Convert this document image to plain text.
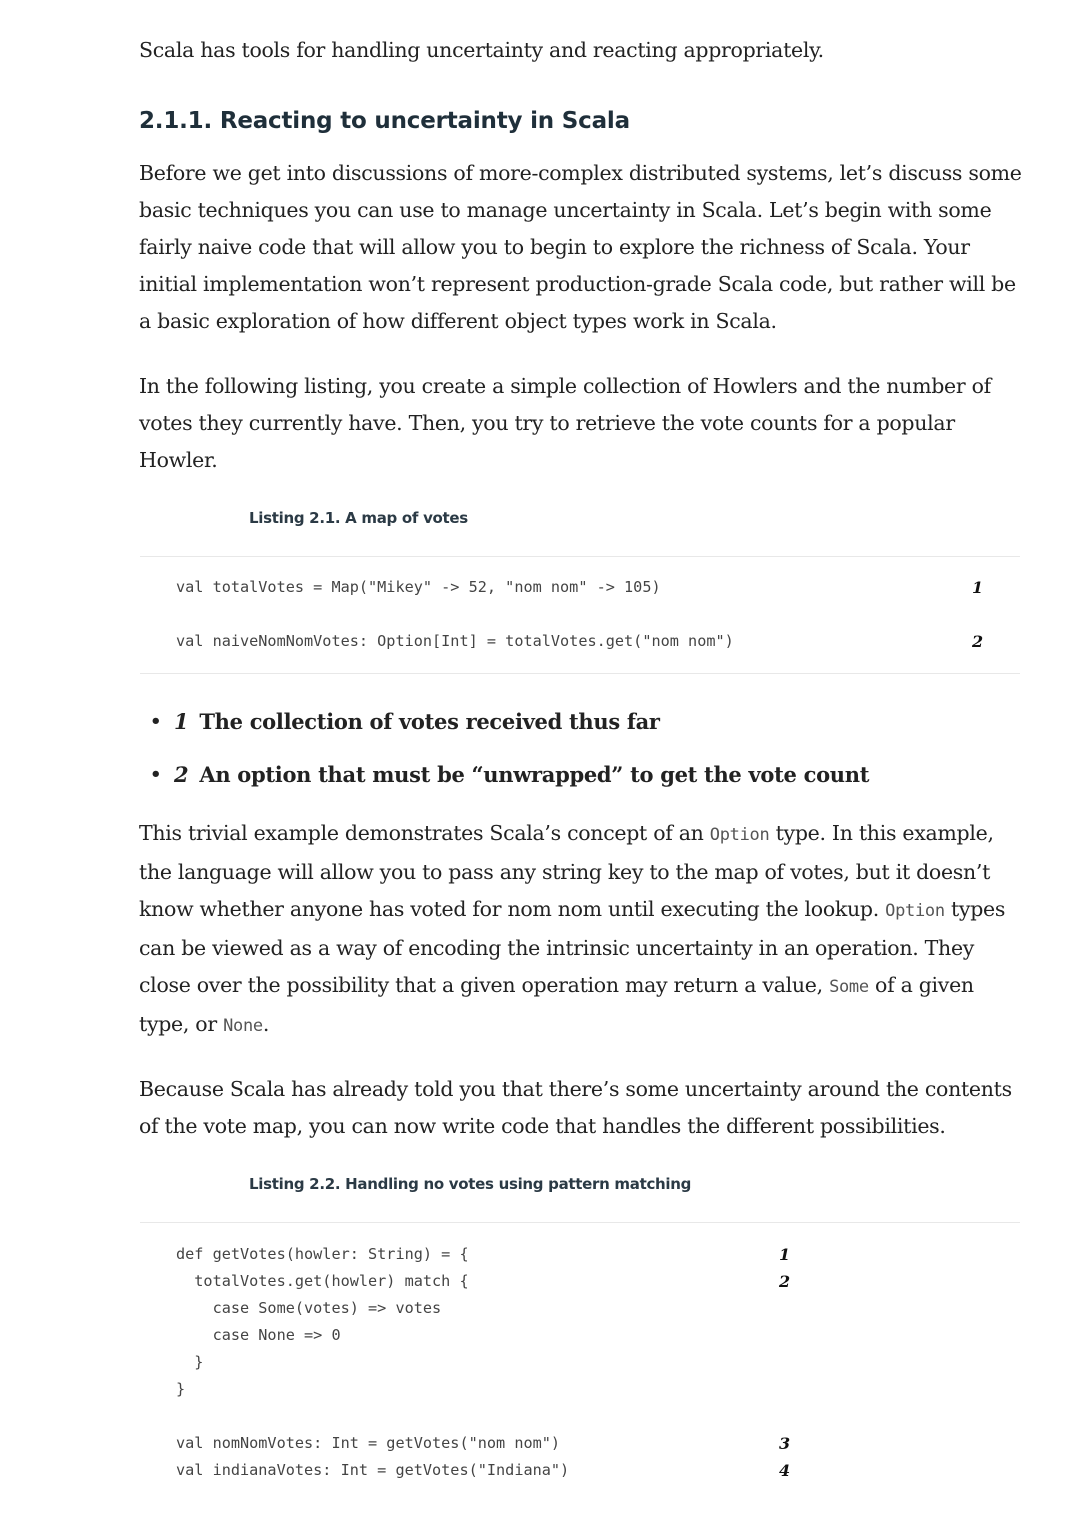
Scala has tools for handling uncertainty and reacting appropriately.

2.1.1. Reacting to uncertainty in Scala

Before we get into discussions of more-complex distributed systems, let’s discuss some basic techniques you can use to manage uncertainty in Scala. Let’s begin with some fairly naive code that will allow you to begin to explore the richness of Scala. Your initial implementation won’t represent production-grade Scala code, but rather will be a basic exploration of how different object types work in Scala.

In the following listing, you create a simple collection of Howlers and the number of votes they currently have. Then, you try to retrieve the vote counts for a popular Howler.

Listing 2.1. A map of votes
val totalVotes = Map("Mikey" -> 52, "nom nom" -> 105)	1
val naiveNomNomVotes: Option[Int] = totalVotes.get("nom nom")	2
• 1 The collection of votes received thus far
• 2 An option that must be “unwrapped” to get the vote count

This trivial example demonstrates Scala’s concept of an Option type. In this example, the language will allow you to pass any string key to the map of votes, but it doesn’t know whether anyone has voted for nom nom until executing the lookup. Option types can be viewed as a way of encoding the intrinsic uncertainty in an operation. They close over the possibility that a given operation may return a value, Some of a given type, or None.

Because Scala has already told you that there’s some uncertainty around the contents of the vote map, you can now write code that handles the different possibilities.

Listing 2.2. Handling no votes using pattern matching
def getVotes(howler: String) = {	1
totalVotes.get(howler) match {	2
case Some(votes) => votes
case None => 0
}
}
val nomNomVotes: Int = getVotes("nom nom")	3
val indianaVotes: Int = getVotes("Indiana")	4
